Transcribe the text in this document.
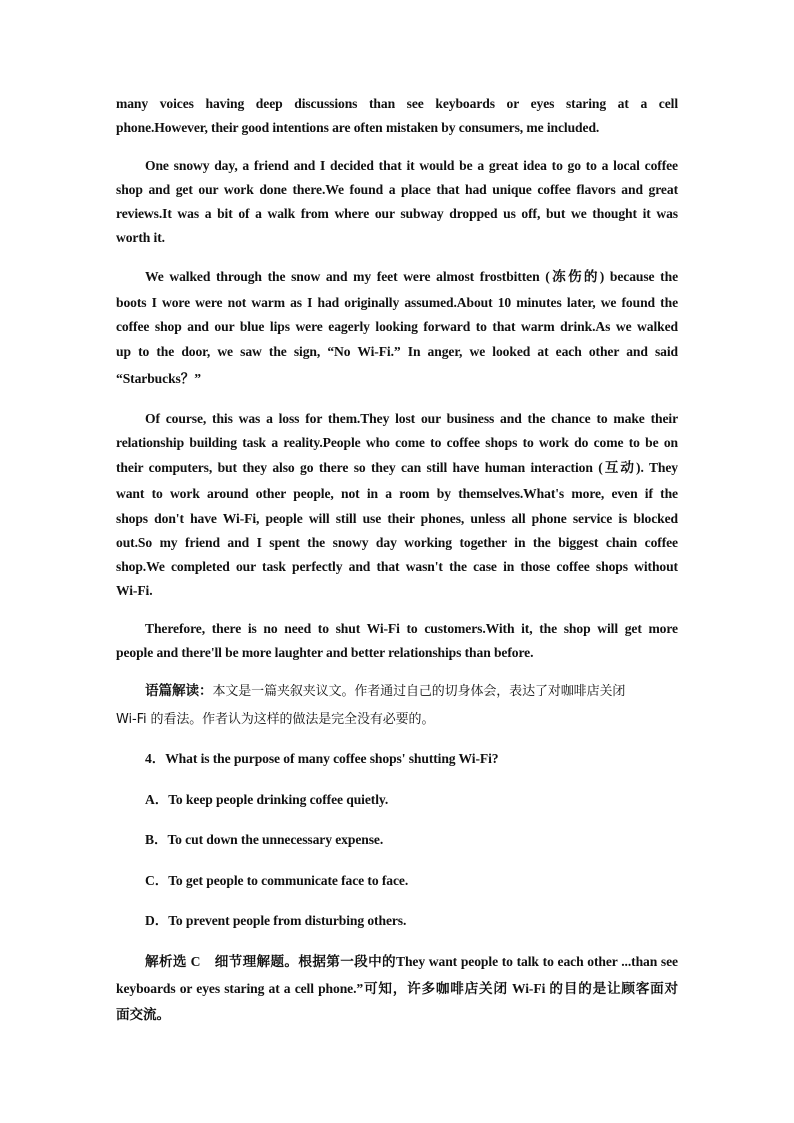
many voices having deep discussions than see keyboards or eyes staring at a cell
phone.However, their good intentions are often mistaken by consumers, me included.
One snowy day, a friend and I decided that it would be a great idea to go to a local coffee
shop and get our work done there.We found a place that had unique coffee flavors and great
reviews.It was a bit of a walk from where our subway dropped us off, but we thought it was
worth it.
We walked through the snow and my feet were almost frostbitten (冻伤的) because the
boots I wore were not warm as I had originally assumed.About 10 minutes later, we found the
coffee shop and our blue lips were eagerly looking forward to that warm drink.As we walked
up to the door, we saw the sign, “No Wi-Fi.” In anger, we looked at each other and said
“Starbucks？”
Of course, this was a loss for them.They lost our business and the chance to make their
relationship building task a reality.People who come to coffee shops to work do come to be on
their computers, but they also go there so they can still have human interaction (互动). They
want to work around other people, not in a room by themselves.What's more, even if the
shops don't have Wi-Fi, people will still use their phones, unless all phone service is blocked
out.So my friend and I spent the snowy day working together in the biggest chain coffee
shop.We completed our task perfectly and that wasn't the case in those coffee shops without
Wi-Fi.
Therefore, there is no need to shut Wi-Fi to customers.With it, the shop will get more
people and there'll be more laughter and better relationships than before.
语篇解读：本文是一篇夹叙夹议文。作者通过自己的切身体会，表达了对咖啡店关闭
Wi-Fi 的看法。作者认为这样的做法是完全没有必要的。
4．What is the purpose of many coffee shops' shutting Wi-Fi?
A．To keep people drinking coffee quietly.
B．To cut down the unnecessary expense.
C．To get people to communicate face to face.
D．To prevent people from disturbing others.
解析选 C　细节理解题。根据第一段中的They want people to talk to each other ...than see
keyboards or eyes staring at a cell phone.”可知，许多咖啡店关闭 Wi-Fi 的目的是让顾客面对
面交流。
